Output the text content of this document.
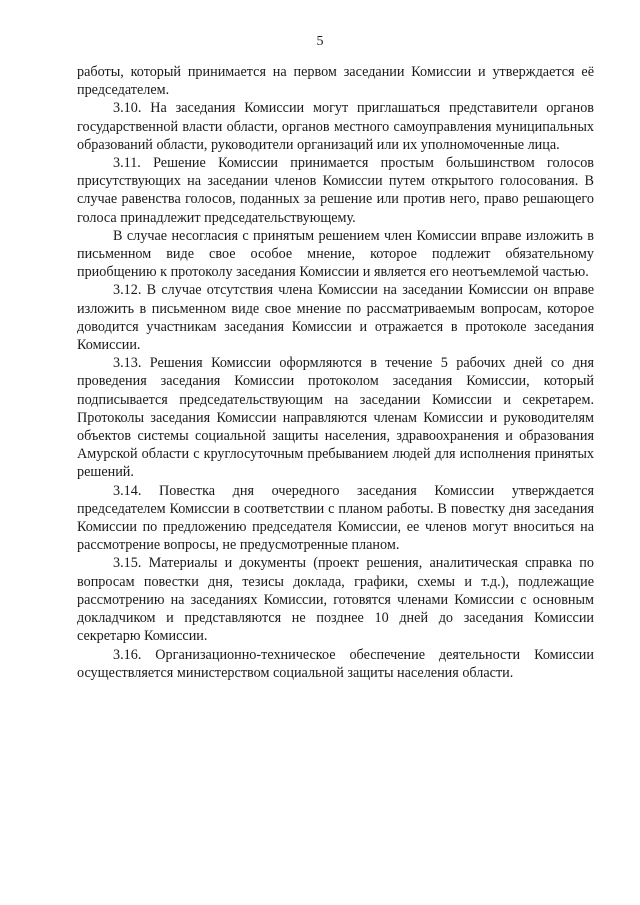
5

работы, который принимается на первом заседании Комиссии и утверждается её председателем.

3.10. На заседания Комиссии могут приглашаться представители органов государственной власти области, органов местного самоуправления муниципальных образований области, руководители организаций или их уполномоченные лица.

3.11. Решение Комиссии принимается простым большинством голосов присутствующих на заседании членов Комиссии путем открытого голосования. В случае равенства голосов, поданных за решение или против него, право решающего голоса принадлежит председательствующему.

В случае несогласия с принятым решением член Комиссии вправе изложить в письменном виде свое особое мнение, которое подлежит обязательному приобщению к протоколу заседания Комиссии и является его неотъемлемой частью.

3.12. В случае отсутствия члена Комиссии на заседании Комиссии он вправе изложить в письменном виде свое мнение по рассматриваемым вопросам, которое доводится участникам заседания Комиссии и отражается в протоколе заседания Комиссии.

3.13. Решения Комиссии оформляются в течение 5 рабочих дней со дня проведения заседания Комиссии протоколом заседания Комиссии, который подписывается председательствующим на заседании Комиссии и секретарем. Протоколы заседания Комиссии направляются членам Комиссии и руководителям объектов системы социальной защиты населения, здравоохранения и образования Амурской области с круглосуточным пребыванием людей для исполнения принятых решений.

3.14. Повестка дня очередного заседания Комиссии утверждается председателем Комиссии в соответствии с планом работы. В повестку дня заседания Комиссии по предложению председателя Комиссии, ее членов могут вноситься на рассмотрение вопросы, не предусмотренные планом.

3.15. Материалы и документы (проект решения, аналитическая справка по вопросам повестки дня, тезисы доклада, графики, схемы и т.д.), подлежащие рассмотрению на заседаниях Комиссии, готовятся членами Комиссии с основным докладчиком и представляются не позднее 10 дней до заседания Комиссии секретарю Комиссии.

3.16. Организационно-техническое обеспечение деятельности Комиссии осуществляется министерством социальной защиты населения области.
